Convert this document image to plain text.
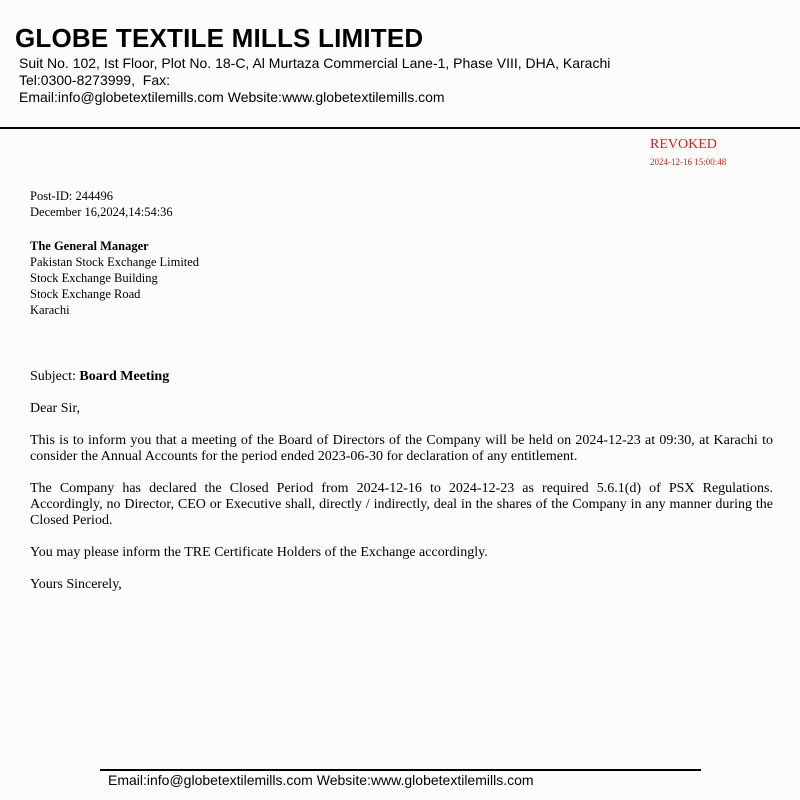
GLOBE TEXTILE MILLS LIMITED
Suit No. 102, Ist Floor, Plot No. 18-C, Al Murtaza Commercial Lane-1, Phase VIII, DHA, Karachi
Tel:0300-8273999,  Fax:
Email:info@globetextilemills.com Website:www.globetextilemills.com
REVOKED
2024-12-16 15:00:48
Post-ID: 244496
December 16,2024,14:54:36
The General Manager
Pakistan Stock Exchange Limited
Stock Exchange Building
Stock Exchange Road
Karachi
Subject: Board Meeting
Dear Sir,
This is to inform you that a meeting of the Board of Directors of the Company will be held on 2024-12-23 at 09:30, at Karachi to consider the Annual Accounts for the period ended 2023-06-30 for declaration of any entitlement.
The Company has declared the Closed Period from 2024-12-16 to 2024-12-23 as required 5.6.1(d) of PSX Regulations. Accordingly, no Director, CEO or Executive shall, directly / indirectly, deal in the shares of the Company in any manner during the Closed Period.
You may please inform the TRE Certificate Holders of the Exchange accordingly.
Yours Sincerely,
Email:info@globetextilemills.com Website:www.globetextilemills.com
